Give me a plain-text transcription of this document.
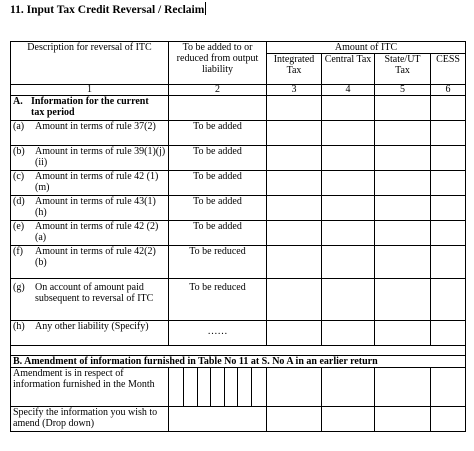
11. Input Tax Credit Reversal / Reclaim
Description for reversal of ITC	To be added to or reduced from output liability	Amount of ITC			
		Integrated Tax	Central Tax	State/UT Tax	CESS
1	2	3	4	5	6
A. Information for the current tax period					

(a) Amount in terms of rule 37(2)	To be added				

(b) Amount in terms of rule 39(1)(j)(ii)	To be added				

(c) Amount in terms of rule 42 (1) (m)	To be added				

(d) Amount in terms of rule 43(1) (h)	To be added				

(e) Amount in terms of rule 42 (2)(a)	To be added				

(f) Amount in terms of rule 42(2)(b)	To be reduced				

(g) On account of amount paid subsequent to reversal of ITC	To be reduced				

(h) Any other liability (Specify)	……				

B. Amendment of information furnished in Table No 11 at S. No A in an earlier return					
Amendment is in respect of information furnished in the Month	

Specify the information you wish to amend (Drop down)					
